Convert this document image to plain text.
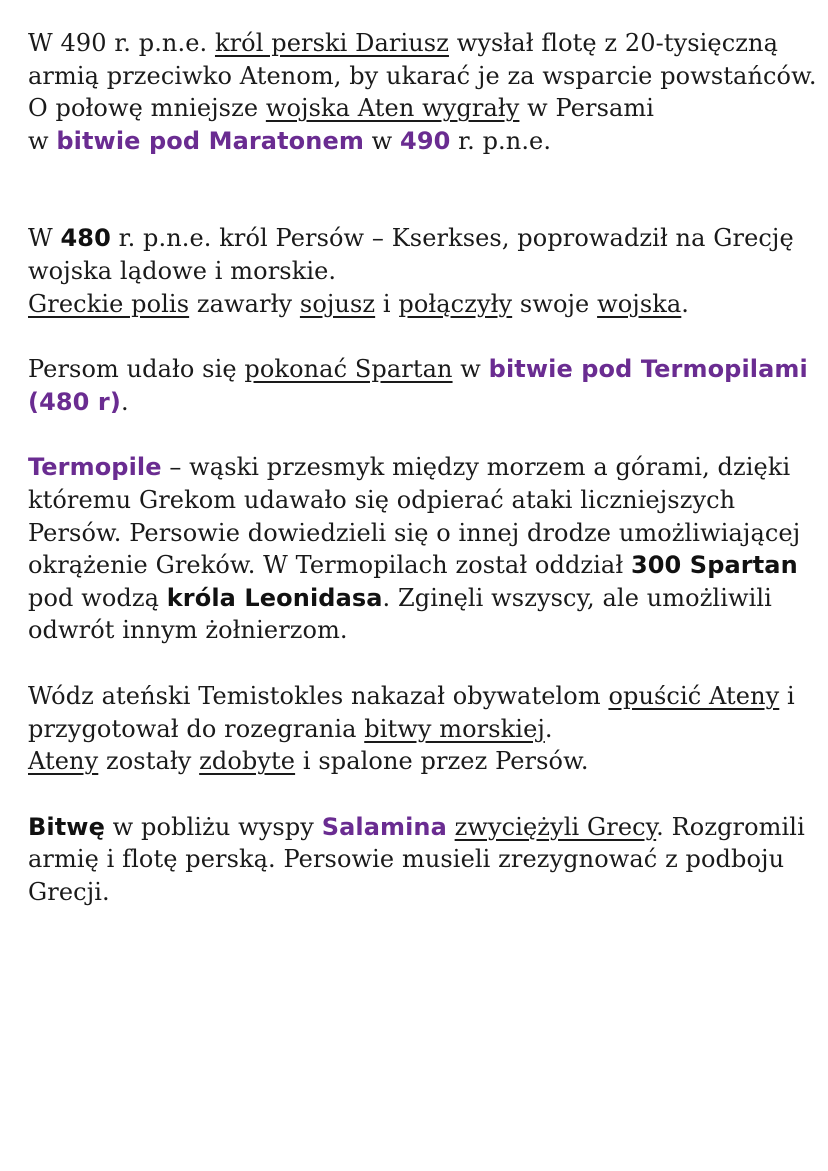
W 490 r. p.n.e. król perski Dariusz wysłał flotę z 20-tysięczną armią przeciwko Atenom, by ukarać je za wsparcie powstańców.
O połowę mniejsze wojska Aten wygrały w Persami
w bitwie pod Maratonem w 490 r. p.n.e.

W 480 r. p.n.e. król Persów – Kserkses, poprowadził na Grecję wojska lądowe i morskie.
Greckie polis zawarły sojusz i połączyły swoje wojska.

Persom udało się pokonać Spartan w bitwie pod Termopilami (480 r).

Termopile – wąski przesmyk między morzem a górami, dzięki któremu Grekom udawało się odpierać ataki liczniejszych Persów. Persowie dowiedzieli się o innej drodze umożliwiającej okrążenie Greków. W Termopilach został oddział 300 Spartan pod wodzą króla Leonidasa. Zginęli wszyscy, ale umożliwili odwrót innym żołnierzom.

Wódz ateński Temistokles nakazał obywatelom opuścić Ateny i przygotował do rozegrania bitwy morskiej.
Ateny zostały zdobyte i spalone przez Persów.

Bitwę w pobliżu wyspy Salamina zwyciężyli Grecy. Rozgromili armię i flotę perską. Persowie musieli zrezygnować z podboju Grecji.
